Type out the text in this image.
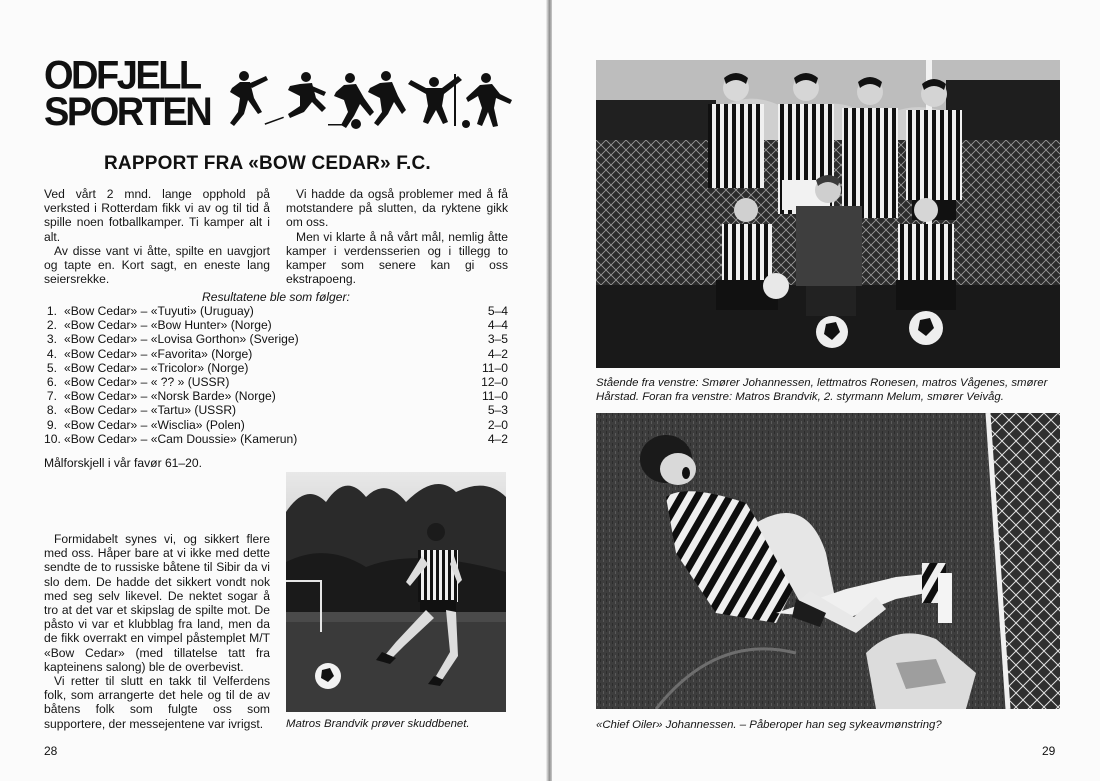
ODFJELL
SPORTEN
RAPPORT FRA «BOW CEDAR» F.C.

Ved vårt 2 mnd. lange opphold på verksted i Rotterdam fikk vi av og til tid å spille noen fotballkamper. Ti kamper alt i alt.

Av disse vant vi åtte, spilte en uavgjort og tapte en. Kort sagt, en eneste lang seiersrekke.

Vi hadde da også problemer med å få motstandere på slutten, da ryktene gikk om oss.

Men vi klarte å nå vårt mål, nemlig åtte kamper i verdensserien og i tillegg to kamper som senere kan gi oss ekstrapoeng.

Resultatene ble som følger:
1. «Bow Cedar» – «Tuyuti» (Uruguay)	5–4
2. «Bow Cedar» – «Bow Hunter» (Norge)	4–4
3. «Bow Cedar» – «Lovisa Gorthon» (Sverige)	3–5
4. «Bow Cedar» – «Favorita» (Norge)	4–2
5. «Bow Cedar» – «Tricolor» (Norge)	11–0
6. «Bow Cedar» – « ?? » (USSR)	12–0
7. «Bow Cedar» – «Norsk Barde» (Norge)	11–0
8. «Bow Cedar» – «Tartu» (USSR)	5–3
9. «Bow Cedar» – «Wisclia» (Polen)	2–0
10. «Bow Cedar» – «Cam Doussie» (Kamerun)	4–2
Målforskjell i vår favør 61–20.

Formidabelt synes vi, og sikkert flere med oss. Håper bare at vi ikke med dette sendte de to russiske båtene til Sibir da vi slo dem. De hadde det sikkert vondt nok med seg selv likevel. De nektet sogar å tro at det var et skipslag de spilte mot. De påsto vi var et klubblag fra land, men da de fikk overrakt en vimpel påstemplet M/T «Bow Cedar» (med tillatelse tatt fra kapteinens salong) ble de overbevist.

Vi retter til slutt en takk til Velferdens folk, som arrangerte det hele og til de av båtens folk som fulgte oss som supportere, der messejentene var ivrigst.	Matros Brandvik prøver skuddbenet.
28
Stående fra venstre: Smører Johannessen, lettmatros Ronesen, matros Vågenes, smører Hårstad. Foran fra venstre: Matros Brandvik, 2. styrmann Melum, smører Veivåg.
«Chief Oiler» Johannessen. – Påberoper han seg sykeavmønstring?
29
